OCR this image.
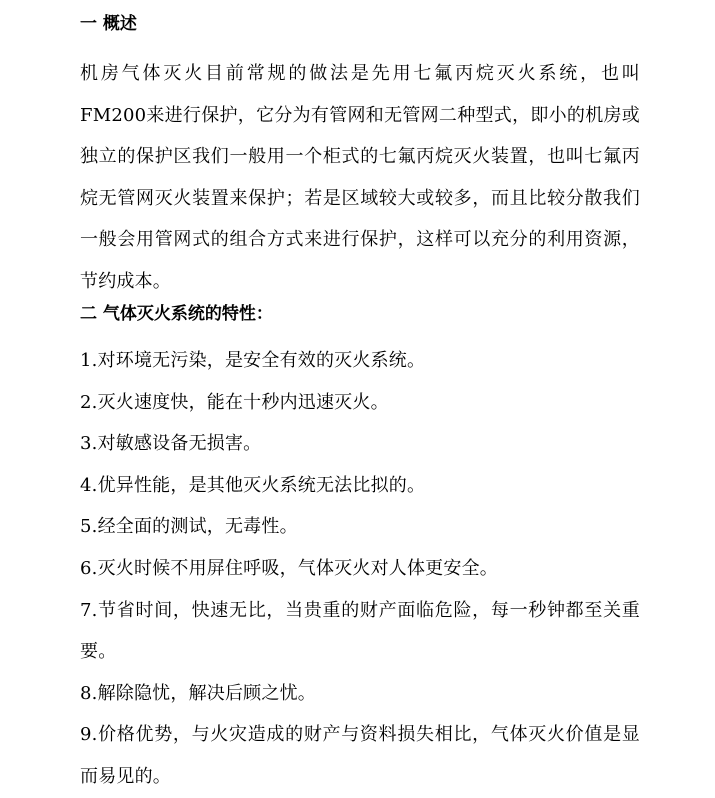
一 概述

机房气体灭火目前常规的做法是先用七氟丙烷灭火系统，也叫 FM200来进行保护，它分为有管网和无管网二种型式，即小的机房或独立的保护区我们一般用一个柜式的七氟丙烷灭火装置，也叫七氟丙烷无管网灭火装置来保护；若是区域较大或较多，而且比较分散我们一般会用管网式的组合方式来进行保护，这样可以充分的利用资源，节约成本。

二 气体灭火系统的特性：
1.对环境无污染，是安全有效的灭火系统。
2.灭火速度快，能在十秒内迅速灭火。
3.对敏感设备无损害。
4.优异性能，是其他灭火系统无法比拟的。
5.经全面的测试，无毒性。
6.灭火时候不用屏住呼吸，气体灭火对人体更安全。
7.节省时间，快速无比，当贵重的财产面临危险，每一秒钟都至关重要。
8.解除隐忧，解决后顾之忧。
9.价格优势，与火灾造成的财产与资料损失相比，气体灭火价值是显而易见的。
